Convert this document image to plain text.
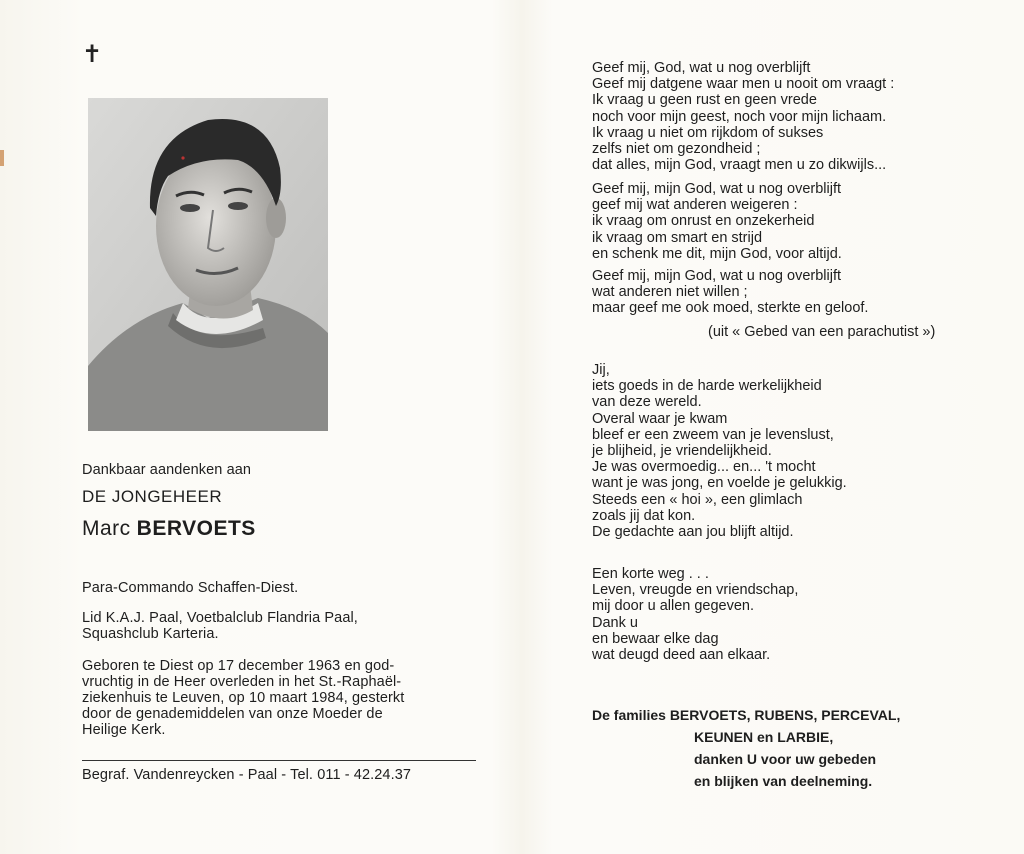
✝
Dankbaar aandenken aan
DE JONGEHEER
Marc BERVOETS
Para-Commando Schaffen-Diest.
Lid K.A.J. Paal, Voetbalclub Flandria Paal,
Squashclub Karteria.
Geboren te Diest op 17 december 1963 en god-
vruchtig in de Heer overleden in het St.-Raphaël-
ziekenhuis te Leuven, op 10 maart 1984, gesterkt
door de genademiddelen van onze Moeder de
Heilige Kerk.
Begraf. Vandenreycken - Paal - Tel. 011 - 42.24.37
Geef mij, God, wat u nog overblijft
Geef mij datgene waar men u nooit om vraagt :
Ik vraag u geen rust en geen vrede
noch voor mijn geest, noch voor mijn lichaam.
Ik vraag u niet om rijkdom of sukses
zelfs niet om gezondheid ;
dat alles, mijn God, vraagt men u zo dikwijls...
Geef mij, mijn God, wat u nog overblijft
geef mij wat anderen weigeren :
ik vraag om onrust en onzekerheid
ik vraag om smart en strijd
en schenk me dit, mijn God, voor altijd.
Geef mij, mijn God, wat u nog overblijft
wat anderen niet willen ;
maar geef me ook moed, sterkte en geloof.
(uit « Gebed van een parachutist »)
Jij,
iets goeds in de harde werkelijkheid
van deze wereld.
Overal waar je kwam
bleef er een zweem van je levenslust,
je blijheid, je vriendelijkheid.
Je was overmoedig... en... 't mocht
want je was jong, en voelde je gelukkig.
Steeds een « hoi », een glimlach
zoals jij dat kon.
De gedachte aan jou blijft altijd.
Een korte weg . . .
Leven, vreugde en vriendschap,
mij door u allen gegeven.
Dank u
en bewaar elke dag
wat deugd deed aan elkaar.
De families BERVOETS, RUBENS, PERCEVAL,
KEUNEN en LARBIE,
danken U voor uw gebeden
en blijken van deelneming.
